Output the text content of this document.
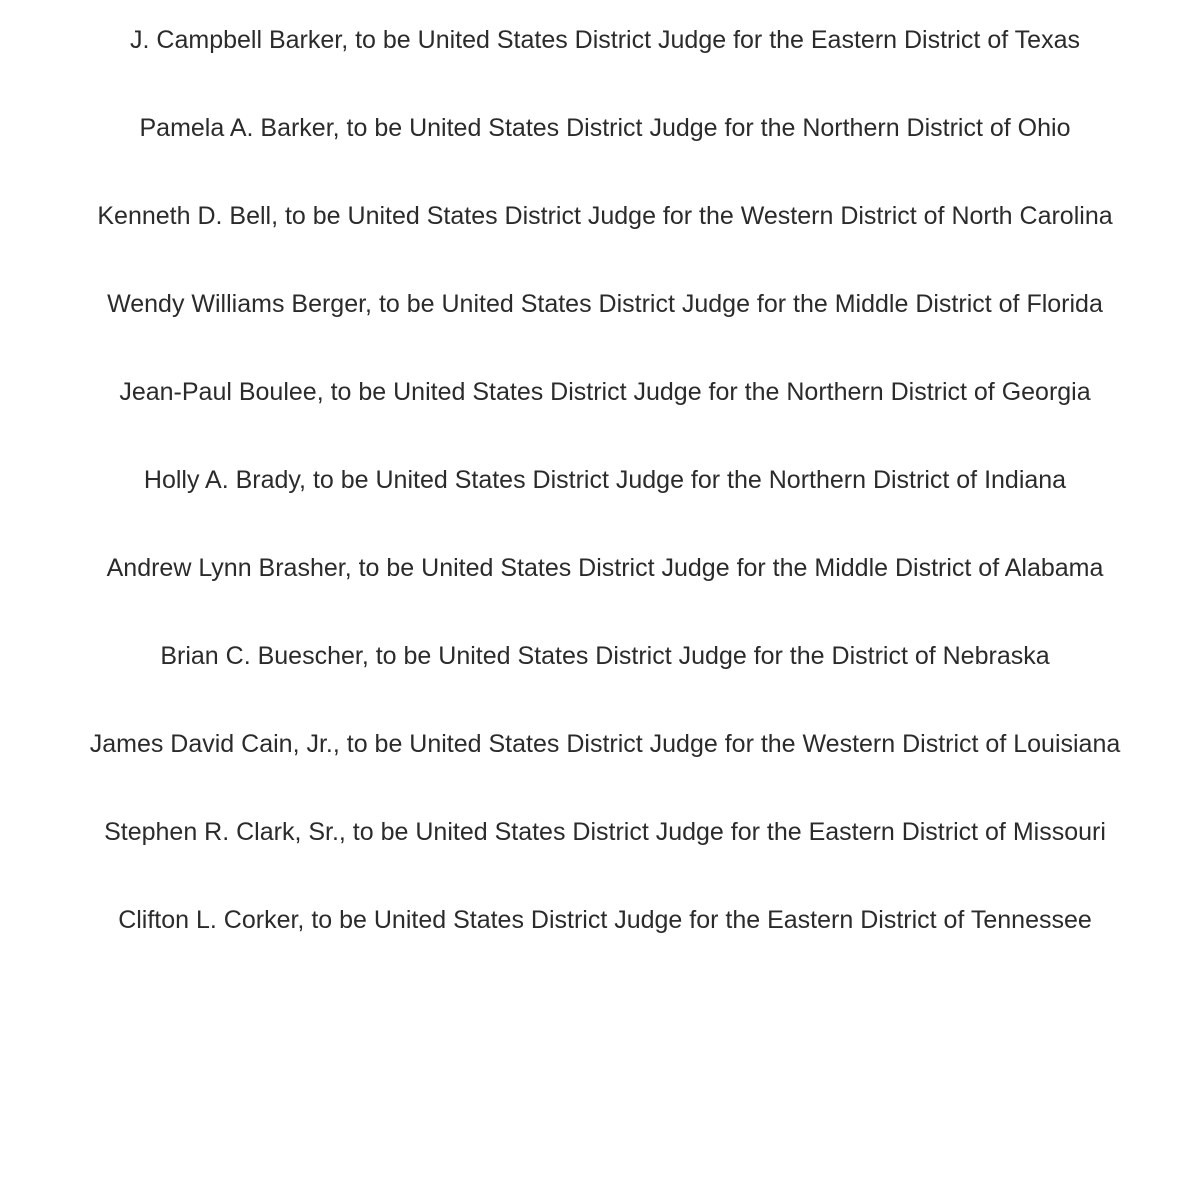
J. Campbell Barker, to be United States District Judge for the Eastern District of Texas
Pamela A. Barker, to be United States District Judge for the Northern District of Ohio
Kenneth D. Bell, to be United States District Judge for the Western District of North Carolina
Wendy Williams Berger, to be United States District Judge for the Middle District of Florida
Jean-Paul Boulee, to be United States District Judge for the Northern District of Georgia
Holly A. Brady, to be United States District Judge for the Northern District of Indiana
Andrew Lynn Brasher, to be United States District Judge for the Middle District of Alabama
Brian C. Buescher, to be United States District Judge for the District of Nebraska
James David Cain, Jr., to be United States District Judge for the Western District of Louisiana
Stephen R. Clark, Sr., to be United States District Judge for the Eastern District of Missouri
Clifton L. Corker, to be United States District Judge for the Eastern District of Tennessee
